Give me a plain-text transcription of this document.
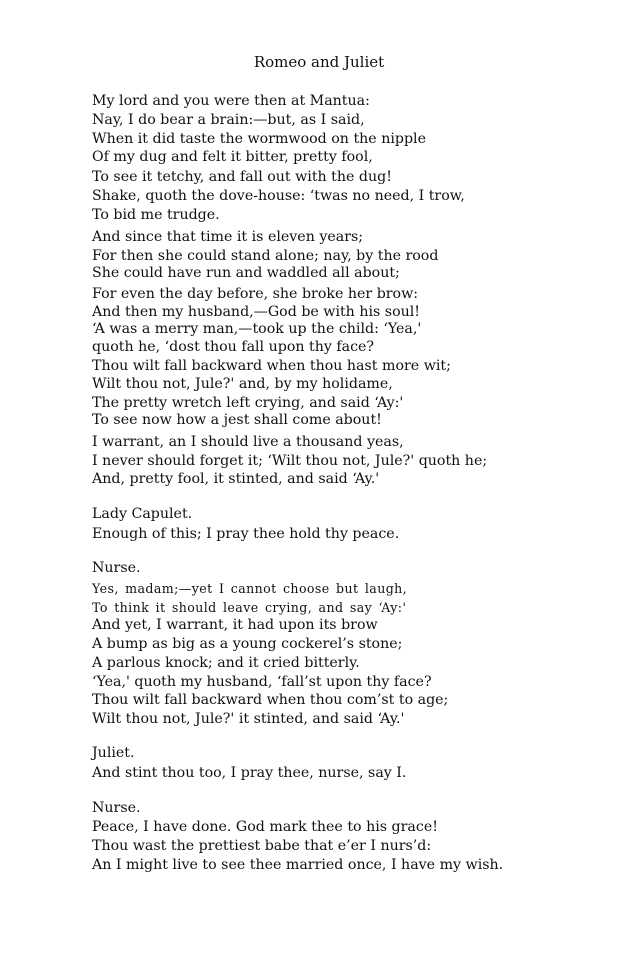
Romeo and Juliet
My lord and you were then at Mantua:
Nay, I do bear a brain:—but, as I said,
When it did taste the wormwood on the nipple
Of my dug and felt it bitter, pretty fool,
To see it tetchy, and fall out with the dug!
Shake, quoth the dove-house: ‘twas no need, I trow,
To bid me trudge.
And since that time it is eleven years;
For then she could stand alone; nay, by the rood
She could have run and waddled all about;
For even the day before, she broke her brow:
And then my husband,—God be with his soul!
‘A was a merry man,—took up the child: ‘Yea,'
quoth he, ‘dost thou fall upon thy face?
Thou wilt fall backward when thou hast more wit;
Wilt thou not, Jule?' and, by my holidame,
The pretty wretch left crying, and said ‘Ay:'
To see now how a jest shall come about!
I warrant, an I should live a thousand yeas,
I never should forget it; ‘Wilt thou not, Jule?' quoth he;
And, pretty fool, it stinted, and said ‘Ay.'
Lady Capulet.
Enough of this; I pray thee hold thy peace.
Nurse.
Yes, madam;—yet I cannot choose but laugh,
To think it should leave crying, and say ‘Ay:'
And yet, I warrant, it had upon its brow
A bump as big as a young cockerel’s stone;
A parlous knock; and it cried bitterly.
‘Yea,' quoth my husband, ‘fall’st upon thy face?
Thou wilt fall backward when thou com’st to age;
Wilt thou not, Jule?' it stinted, and said ‘Ay.'
Juliet.
And stint thou too, I pray thee, nurse, say I.
Nurse.
Peace, I have done. God mark thee to his grace!
Thou wast the prettiest babe that e’er I nurs’d:
An I might live to see thee married once, I have my wish.
